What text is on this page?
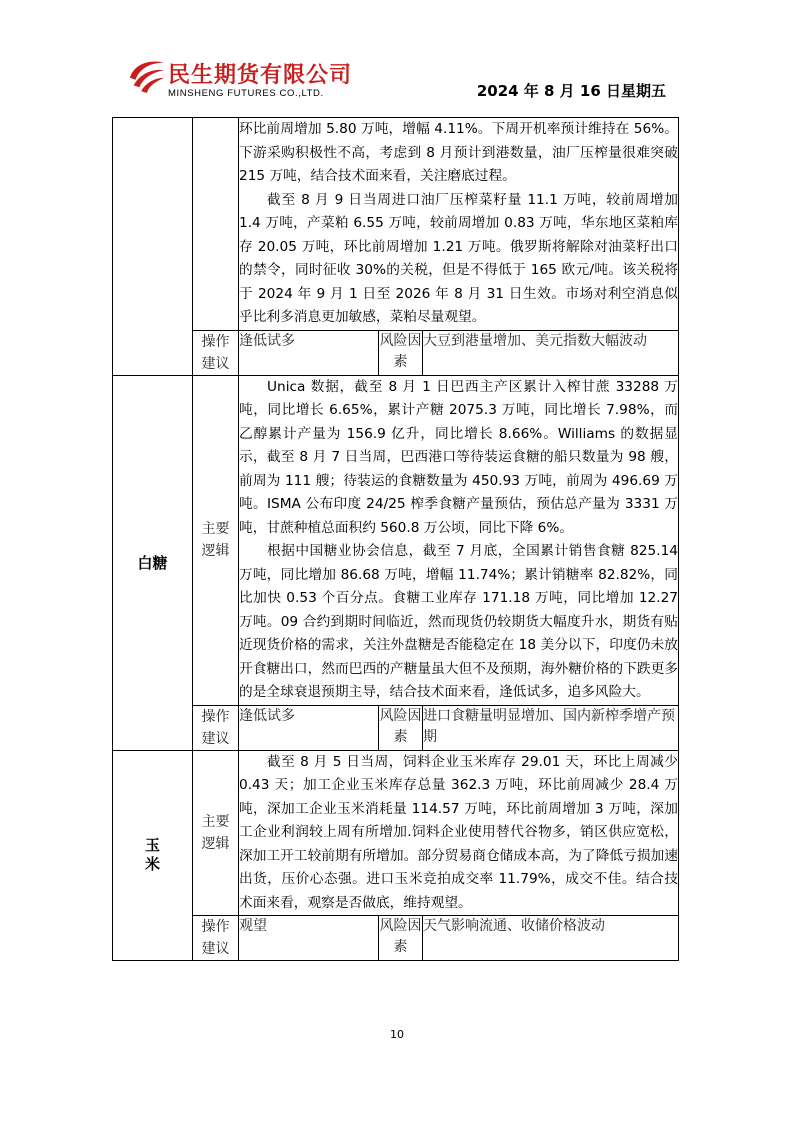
民生期货有限公司
MINSHENG FUTURES CO.,LTD.	2024 年 8 月 16 日星期五

		环比前周增加 5.80 万吨，增幅 4.11%。下周开机率预计维持在 56%。下游采购积极性不高，考虑到 8 月预计到港数量，油厂压榨量很难突破 215 万吨，结合技术面来看，关注磨底过程。

截至 8 月 9 日当周进口油厂压榨菜籽量 11.1 万吨，较前周增加 1.4 万吨，产菜粕 6.55 万吨，较前周增加 0.83 万吨，华东地区菜粕库存 20.05 万吨，环比前周增加 1.21 万吨。俄罗斯将解除对油菜籽出口的禁令，同时征收 30%的关税，但是不得低于 165 欧元/吨。该关税将于 2024 年 9 月 1 日至 2026 年 8 月 31 日生效。市场对利空消息似乎比利多消息更加敏感，菜粕尽量观望。		

	操作建议	逢低试多	风险因素	大豆到港量增加、美元指数大幅波动
白糖	主要逻辑	Unica 数据，截至 8 月 1 日巴西主产区累计入榨甘蔗 33288 万吨，同比增长 6.65%，累计产糖 2075.3 万吨，同比增长 7.98%，而乙醇累计产量为 156.9 亿升，同比增长 8.66%。Williams 的数据显示，截至 8 月 7 日当周，巴西港口等待装运食糖的船只数量为 98 艘，前周为 111 艘；待装运的食糖数量为 450.93 万吨，前周为 496.69 万吨。ISMA 公布印度 24/25 榨季食糖产量预估，预估总产量为 3331 万吨，甘蔗种植总面积约 560.8 万公顷，同比下降 6%。

根据中国糖业协会信息，截至 7 月底，全国累计销售食糖 825.14 万吨，同比增加 86.68 万吨，增幅 11.74%；累计销糖率 82.82%，同比加快 0.53 个百分点。食糖工业库存 171.18 万吨，同比增加 12.27 万吨。09 合约到期时间临近，然而现货仍较期货大幅度升水，期货有贴近现货价格的需求，关注外盘糖是否能稳定在 18 美分以下，印度仍未放开食糖出口，然而巴西的产糖量虽大但不及预期，海外糖价格的下跌更多的是全球衰退预期主导，结合技术面来看，逢低试多，追多风险大。		

	操作建议	逢低试多	风险因素	进口食糖量明显增加、国内新榨季增产预期

玉米	主要逻辑	截至 8 月 5 日当周，饲料企业玉米库存 29.01 天，环比上周减少 0.43 天；加工企业玉米库存总量 362.3 万吨，环比前周减少 28.4 万吨，深加工企业玉米消耗量 114.57 万吨，环比前周增加 3 万吨，深加工企业利润较上周有所增加.饲料企业使用替代谷物多，销区供应宽松，深加工开工较前期有所增加。部分贸易商仓储成本高，为了降低亏损加速出货，压价心态强。进口玉米竞拍成交率 11.79%，成交不佳。结合技术面来看，观察是否做底，维持观望。		

	操作建议	观望	风险因素	天气影响流通、收储价格波动
10
